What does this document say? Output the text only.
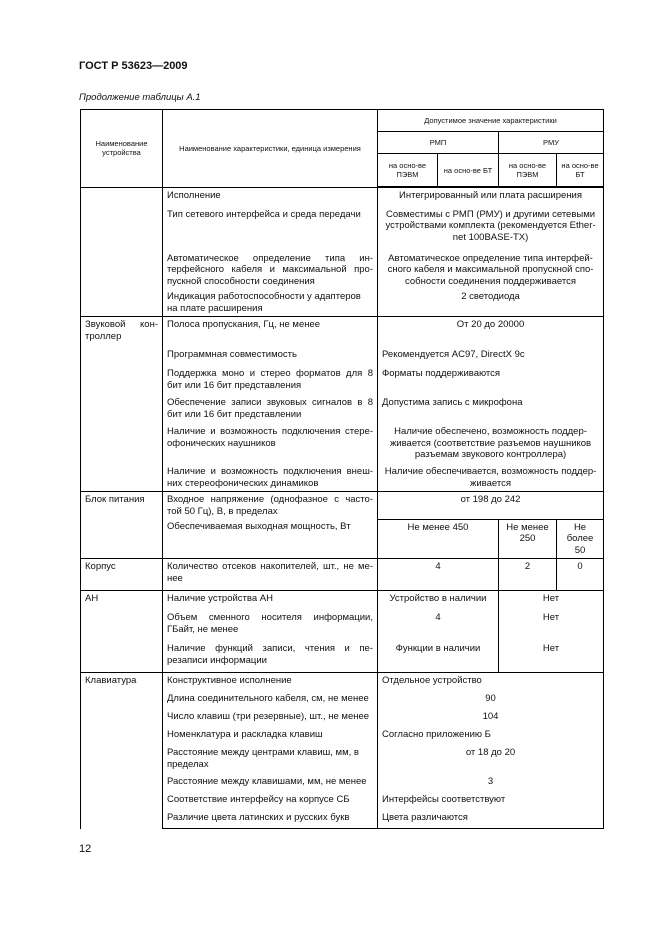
ГОСТ Р 53623—2009
Продолжение таблицы А.1
Наименование устройства	Наименование характеристики, единица измерения	Допустимое значение характеристики			
		РМП		РМУ	
		на осно-ве ПЭВМ	на осно-ве БТ	на осно-ве ПЭВМ	на осно-ве БТ
	Исполнение	Интегрированный или плата расширения			
	Тип сетевого интерфейса и среда передачи	Совместимы с РМП (РМУ) и другими сетевыми устройствами комплекта (рекомендуется Ether-net 100BASE-TX)			
	Автоматическое определение типа ин-терфейсного кабеля и максимальной про-пускной способности соединения	Автоматическое определение типа интерфей-сного кабеля и максимальной пропускной спо-собности соединения поддерживается			
	Индикация работоспособности у адаптеров на плате расширения	2 светодиода			
Звуковой кон-троллер	Полоса пропускания, Гц, не менее	От 20 до 20000			
	Программная совместимость	Рекомендуется AC97, DirectX 9c			
	Поддержка моно и стерео форматов для 8 бит или 16 бит представления	Форматы поддерживаются			
	Обеспечение записи звуковых сигналов в 8 бит или 16 бит представлении	Допустима запись с микрофона			
	Наличие и возможность подключения стере-офонических наушников	Наличие обеспечено, возможность поддер-живается (соответствие разъемов наушников разъемам звукового контроллера)			
	Наличие и возможность подключения внеш-них стереофонических динамиков	Наличие обеспечивается, возможность поддер-живается			
Блок питания	Входное напряжение (однофазное с часто-той 50 Гц), В, в пределах	от 198 до 242			
	Обеспечиваемая выходная мощность, Вт	Не менее 450		Не менее 250	Не более 50
Корпус	Количество отсеков накопителей, шт., не ме-нее	4		2	0
АН	Наличие устройства АН	Устройство в наличии		Нет	
	Объем сменного носителя информации, ГБайт, не менее	4		Нет	
	Наличие функций записи, чтения и пе-резаписи информации	Функции в наличии		Нет	
Клавиатура	Конструктивное исполнение	Отдельное устройство			
	Длина соединительного кабеля, см, не менее	90			
	Число клавиш (три резервные), шт., не менее	104			
	Номенклатура и раскладка клавиш	Согласно приложению Б			
	Расстояние между центрами клавиш, мм, в пределах	от 18 до 20			
	Расстояние между клавишами, мм, не менее	3			
	Соответствие интерфейсу на корпусе СБ	Интерфейсы соответствуют			
	Различие цвета латинских и русских букв	Цвета различаются			
12
